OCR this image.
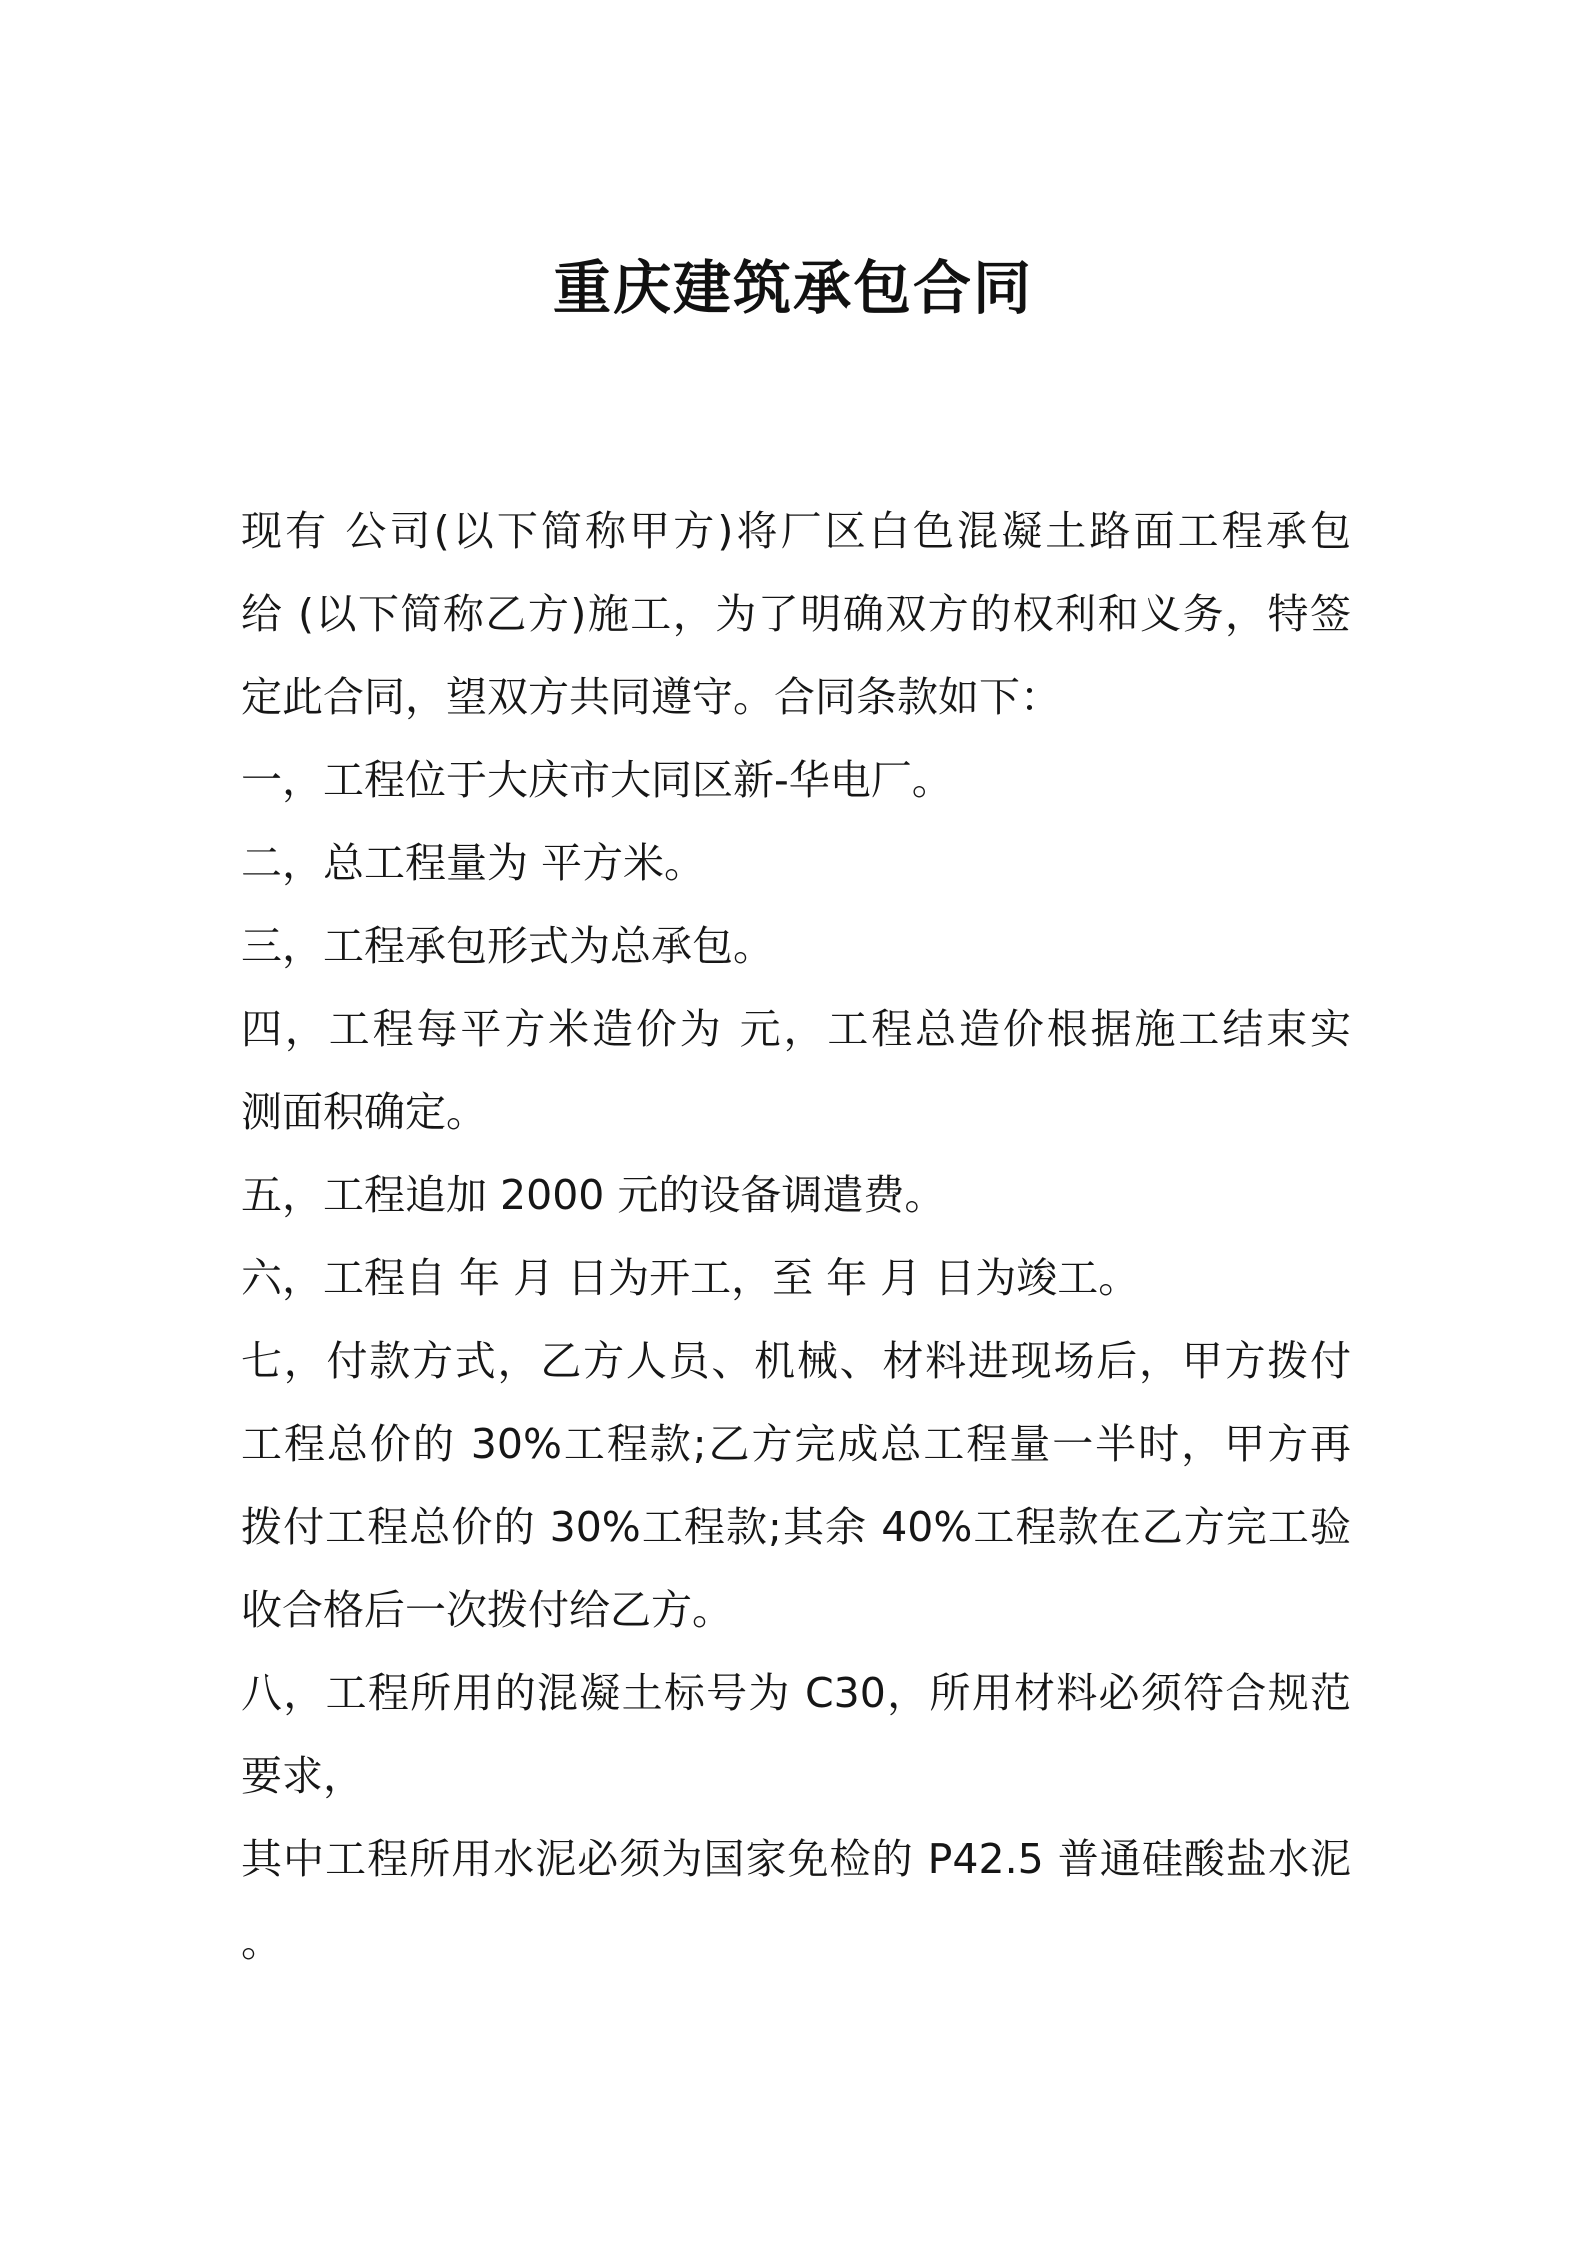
重庆建筑承包合同
现有 公司(以下简称甲方)将厂区白色混凝土路面工程承包
给 (以下简称乙方)施工，为了明确双方的权利和义务，特签
定此合同，望双方共同遵守。合同条款如下：
一，工程位于大庆市大同区新-华电厂。
二，总工程量为 平方米。
三，工程承包形式为总承包。
四，工程每平方米造价为 元，工程总造价根据施工结束实
测面积确定。
五，工程追加 2000 元的设备调遣费。
六，工程自 年 月 日为开工，至 年 月 日为竣工。
七，付款方式，乙方人员、机械、材料进现场后，甲方拨付
工程总价的 30%工程款;乙方完成总工程量一半时，甲方再
拨付工程总价的 30%工程款;其余 40%工程款在乙方完工验
收合格后一次拨付给乙方。
八，工程所用的混凝土标号为 C30，所用材料必须符合规范
要求，
其中工程所用水泥必须为国家免检的 P42.5 普通硅酸盐水泥
。
